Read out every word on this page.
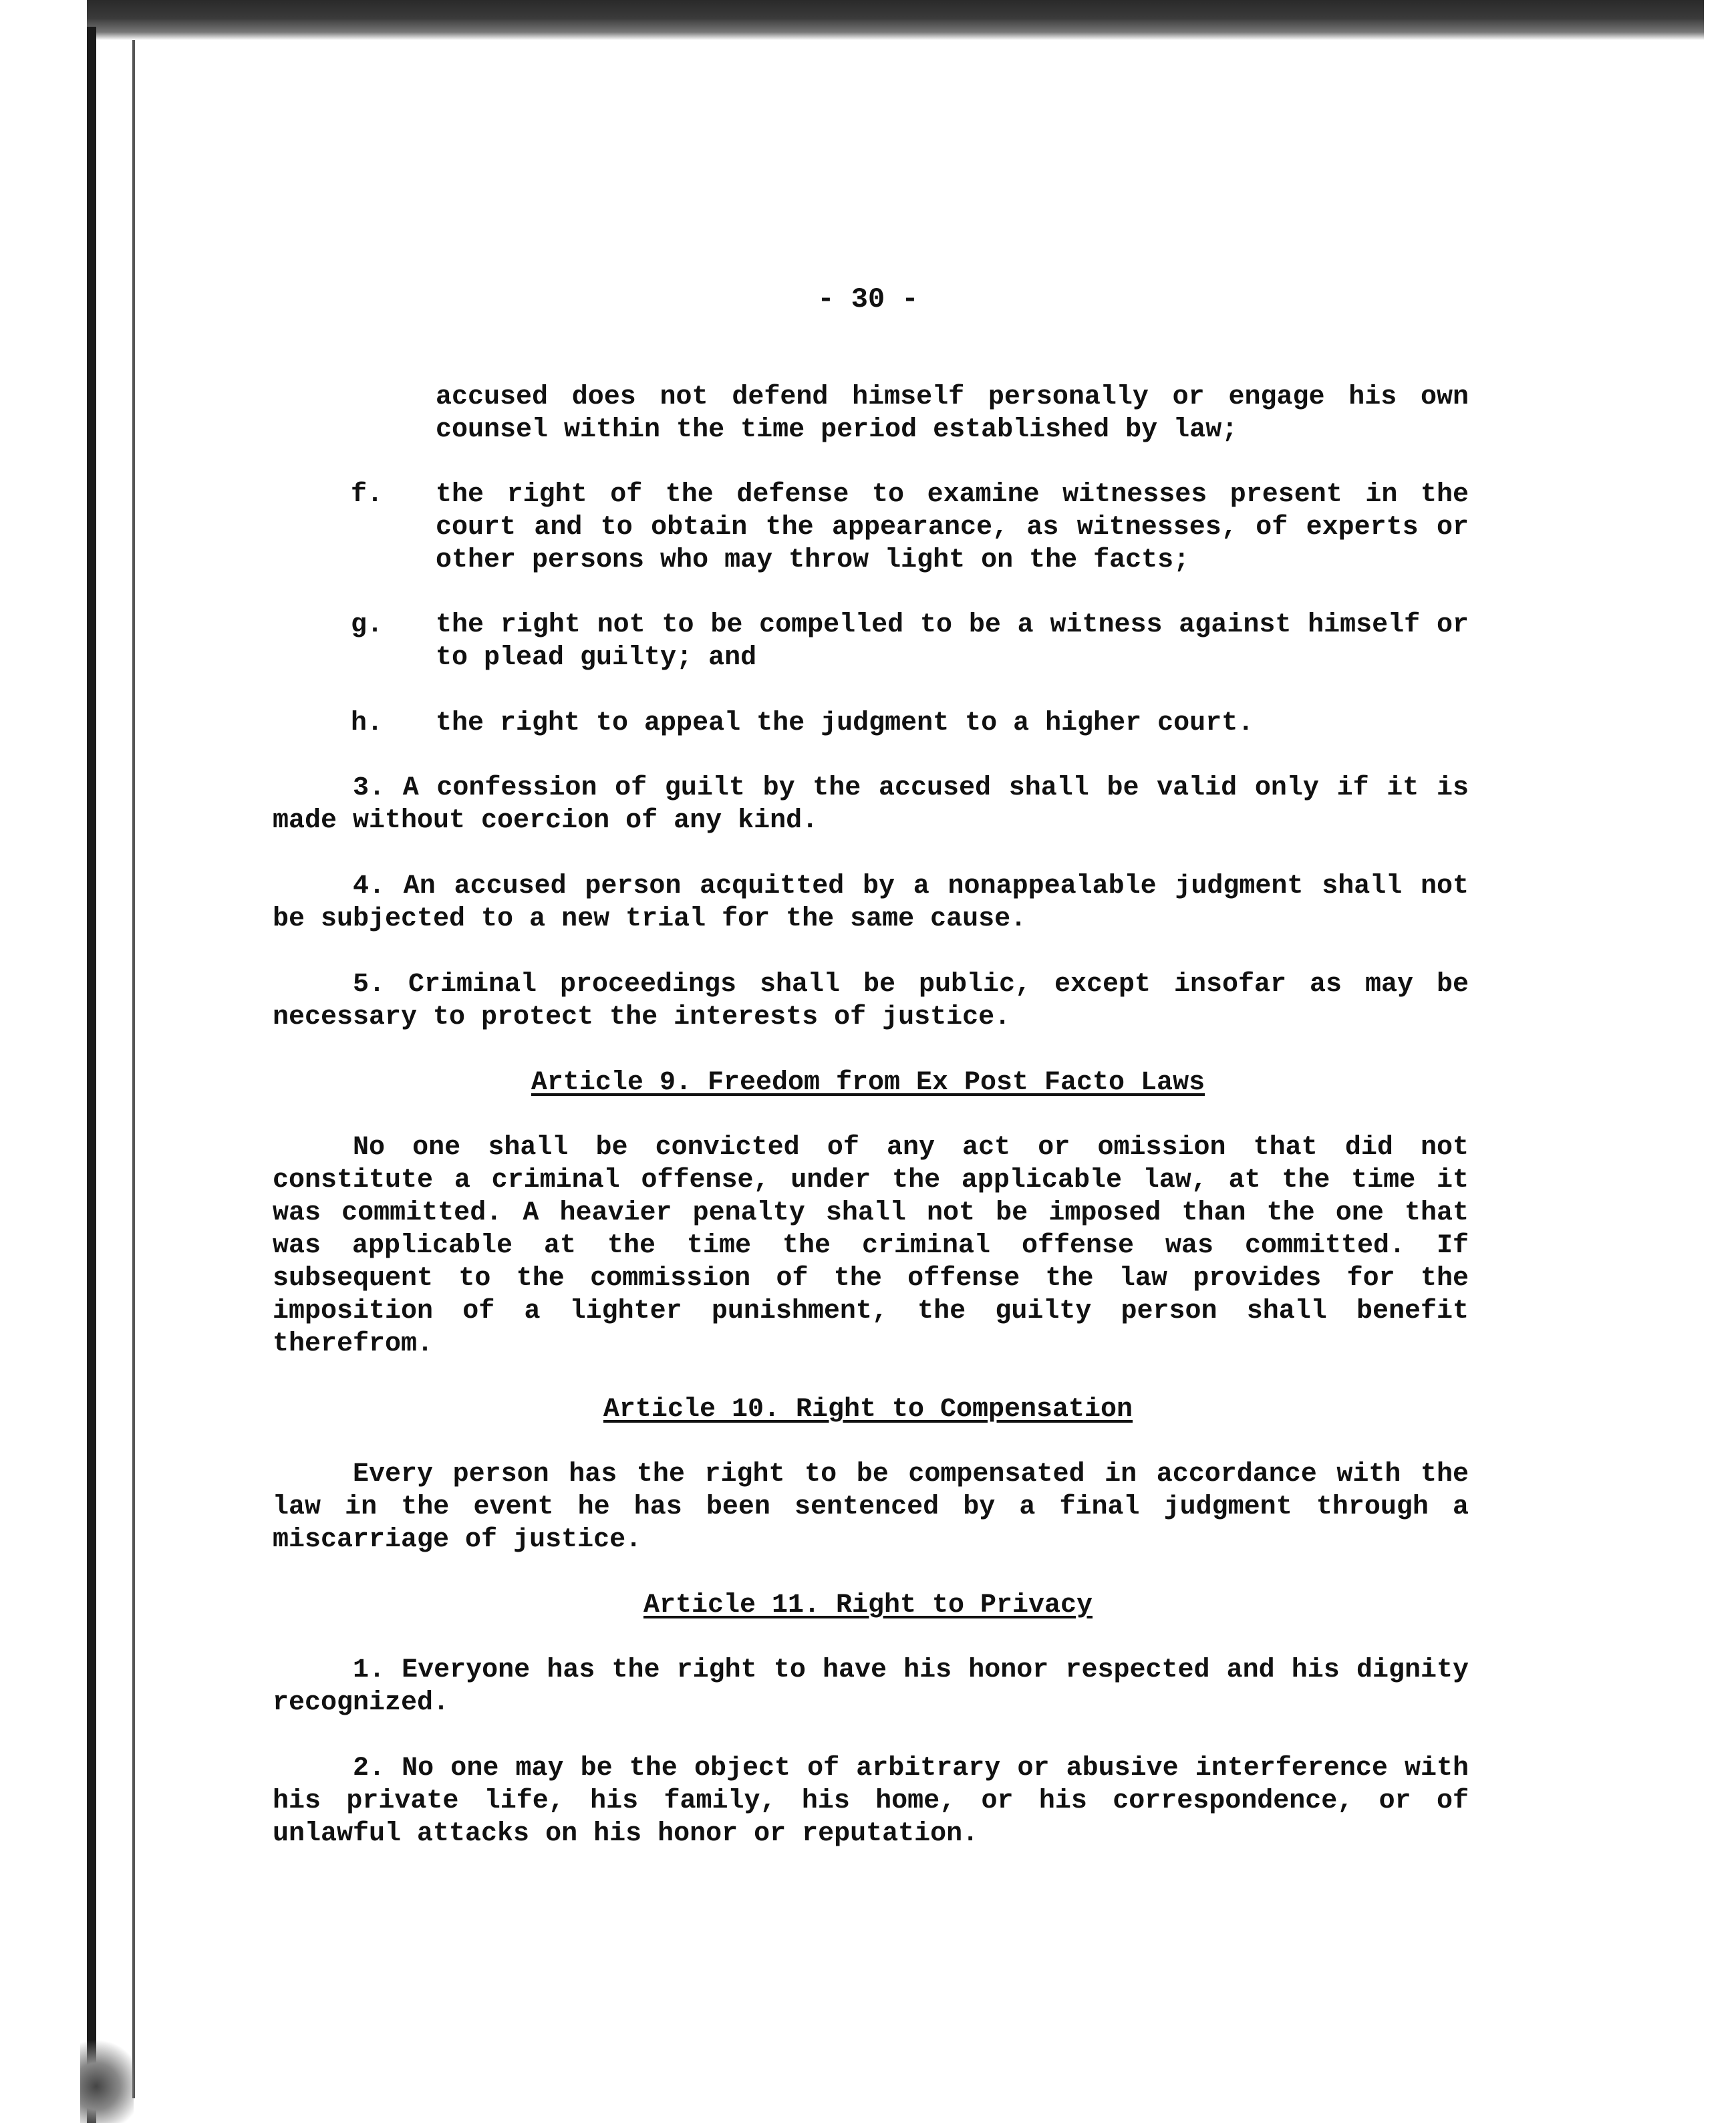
- 30 -

accused does not defend himself personally or engage his own counsel within the time period established by law;

f.	the right of the defense to examine witnesses present in the court and to obtain the appearance, as witnesses, of experts or other persons who may throw light on the facts;
g.	the right not to be compelled to be a witness against himself or to plead guilty; and
h.	the right to appeal the judgment to a higher court.

3. A confession of guilt by the accused shall be valid only if it is made without coercion of any kind.

4. An accused person acquitted by a nonappealable judgment shall not be subjected to a new trial for the same cause.

5. Criminal proceedings shall be public, except insofar as may be necessary to protect the interests of justice.

Article 9. Freedom from Ex Post Facto Laws

No one shall be convicted of any act or omission that did not constitute a criminal offense, under the applicable law, at the time it was committed. A heavier penalty shall not be imposed than the one that was applicable at the time the criminal offense was committed. If subsequent to the commission of the offense the law provides for the imposition of a lighter punishment, the guilty person shall benefit therefrom.

Article 10. Right to Compensation

Every person has the right to be compensated in accordance with the law in the event he has been sentenced by a final judgment through a miscarriage of justice.

Article 11. Right to Privacy

1. Everyone has the right to have his honor respected and his dignity recognized.

2. No one may be the object of arbitrary or abusive interference with his private life, his family, his home, or his correspondence, or of unlawful attacks on his honor or reputation.
